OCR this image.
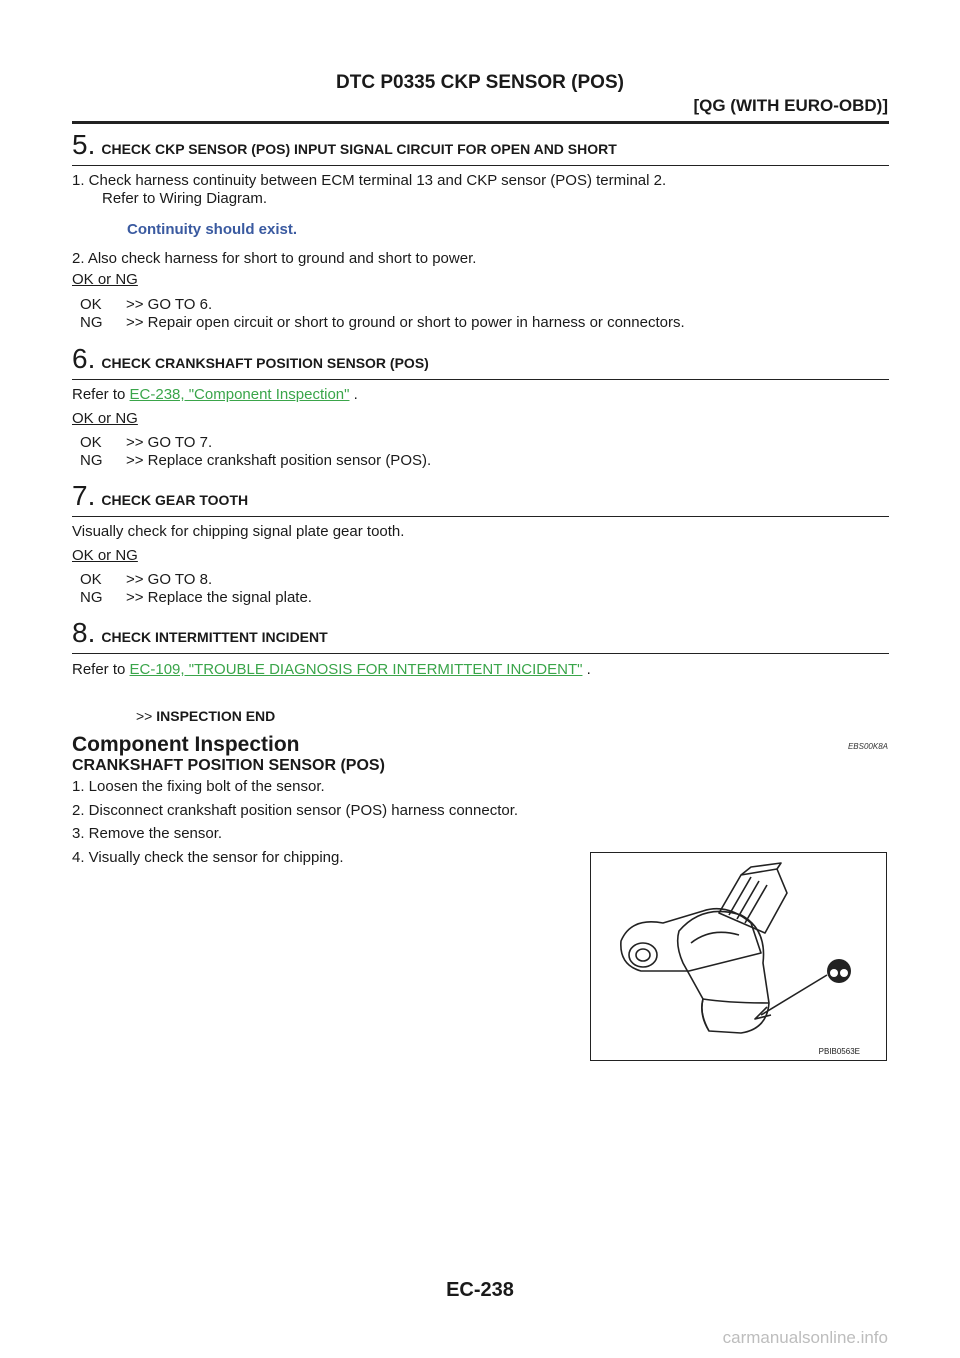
DTC P0335 CKP SENSOR (POS)
[QG (WITH EURO-OBD)]
5. CHECK CKP SENSOR (POS) INPUT SIGNAL CIRCUIT FOR OPEN AND SHORT
1. Check harness continuity between ECM terminal 13 and CKP sensor (POS) terminal 2.
Refer to Wiring Diagram.
Continuity should exist.
2. Also check harness for short to ground and short to power.
OK or NG
OK >> GO TO 6.
NG >> Repair open circuit or short to ground or short to power in harness or connectors.
6. CHECK CRANKSHAFT POSITION SENSOR (POS)
Refer to EC-238, "Component Inspection" .
OK or NG
OK >> GO TO 7.
NG >> Replace crankshaft position sensor (POS).
7. CHECK GEAR TOOTH
Visually check for chipping signal plate gear tooth.
OK or NG
OK >> GO TO 8.
NG >> Replace the signal plate.
8. CHECK INTERMITTENT INCIDENT
Refer to EC-109, "TROUBLE DIAGNOSIS FOR INTERMITTENT INCIDENT" .
>> INSPECTION END
Component Inspection	EBS00K8A
CRANKSHAFT POSITION SENSOR (POS)
1. Loosen the fixing bolt of the sensor.
2. Disconnect crankshaft position sensor (POS) harness connector.
3. Remove the sensor.
4. Visually check the sensor for chipping.
PBIB0563E
EC-238
carmanualsonline.info
